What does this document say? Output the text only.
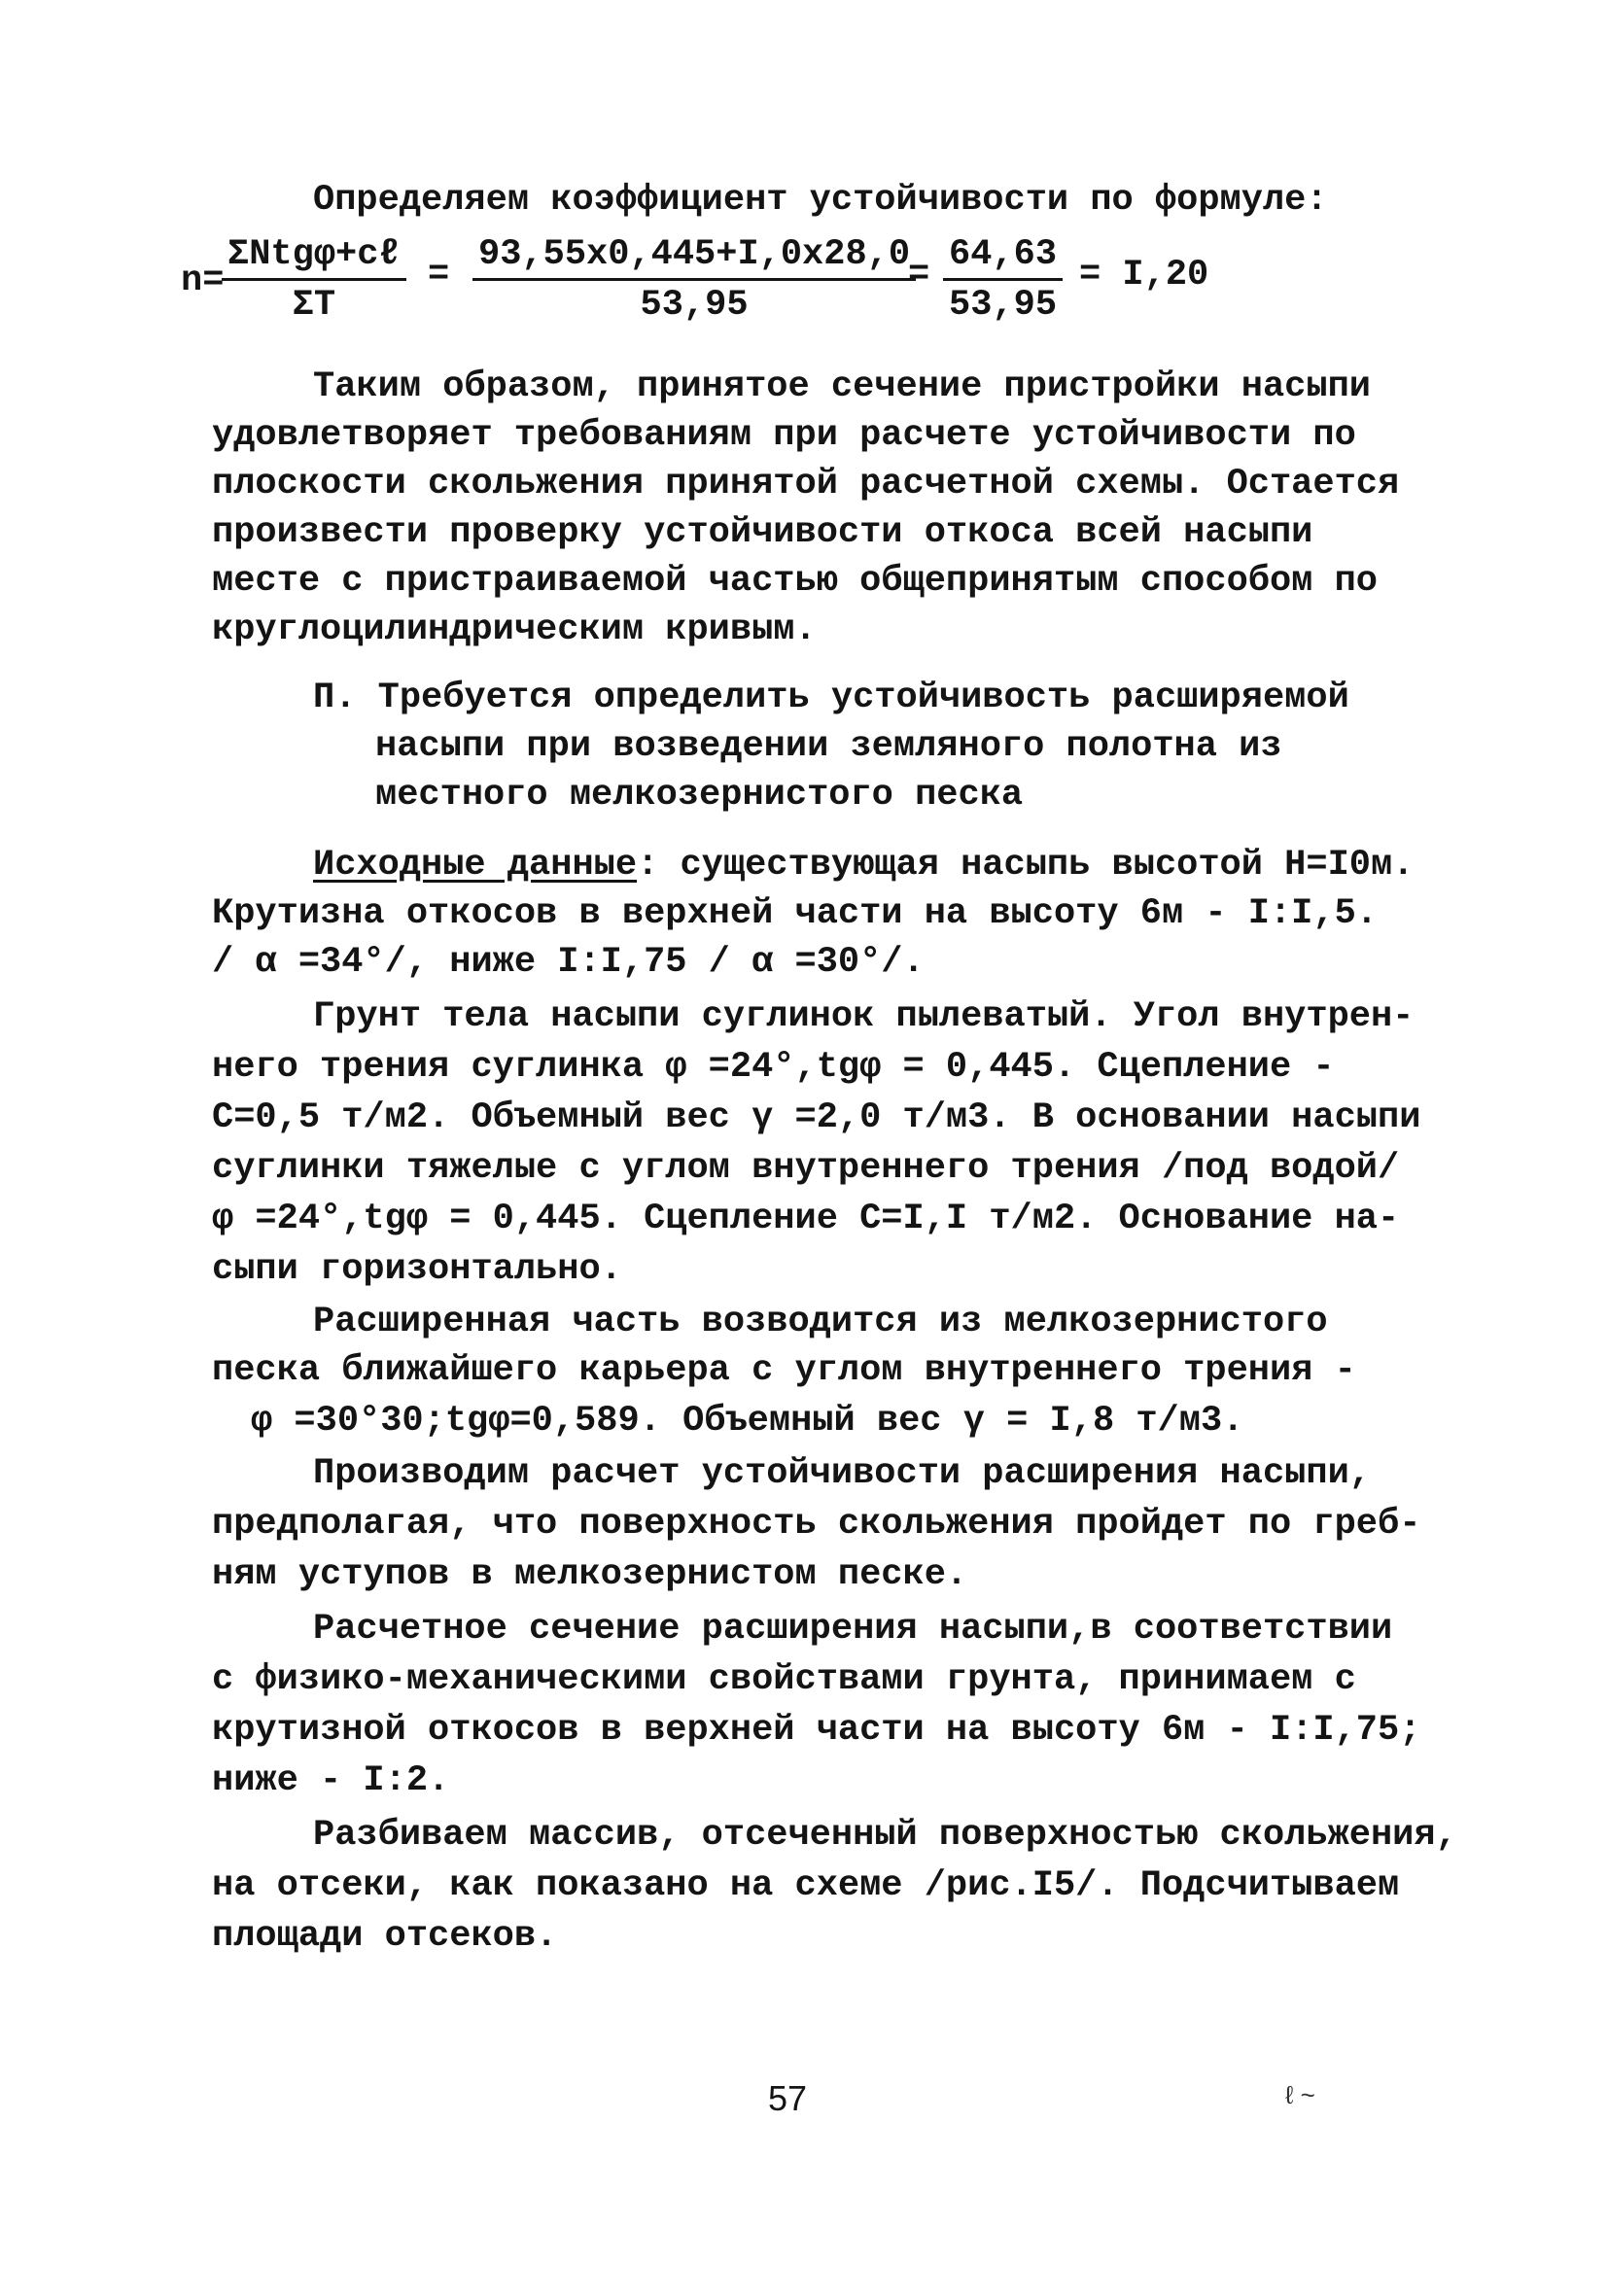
Определяем коэффициент устойчивости по формуле:
n=
ΣNtgφ+cℓ
ΣT
= $\frac{93,55x0,445+I,0x28,0}{53,95}$
= $\frac{64,63}{53,95} = I,20$
Таким образом, принятое сечение пристройки насыпи
удовлетворяет требованиям при расчете устойчивости по
плоскости скольжения принятой расчетной схемы. Остается
произвести проверку устойчивости откоса всей насыпи
месте с пристраиваемой частью общепринятым способом по
круглоцилиндрическим кривым.
П. Требуется определить устойчивость расширяемой
насыпи при возведении земляного полотна из
местного мелкозернистого песка
Исходные данные: существующая насыпь высотой Н=I0м.
Крутизна откосов в верхней части на высоту 6м - I:I,5.
/ α =34°/, ниже I:I,75 / α =30°/.
Грунт тела насыпи суглинок пылеватый. Угол внутрен-
него трения суглинка φ =24°,tgφ = 0,445. Сцепление -
С=0,5 т/м2. Объемный вес γ =2,0 т/м3. В основании насыпи
суглинки тяжелые с углом внутреннего трения /под водой/
φ =24°,tgφ = 0,445. Сцепление С=I,I т/м2. Основание на-
сыпи горизонтально.
Расширенная часть возводится из мелкозернистого
песка ближайшего карьера с углом внутреннего трения -
φ =30°30;tgφ=0,589. Объемный вес γ = I,8 т/м3.
Производим расчет устойчивости расширения насыпи,
предполагая, что поверхность скольжения пройдет по греб-
ням уступов в мелкозернистом песке.
Расчетное сечение расширения насыпи,в соответствии
с физико-механическими свойствами грунта, принимаем с
крутизной откосов в верхней части на высоту 6м - I:I,75;
ниже - I:2.
Разбиваем массив, отсеченный поверхностью скольжения,
на отсеки, как показано на схеме /рис.I5/. Подсчитываем
площади отсеков.
57	ℓ ~
